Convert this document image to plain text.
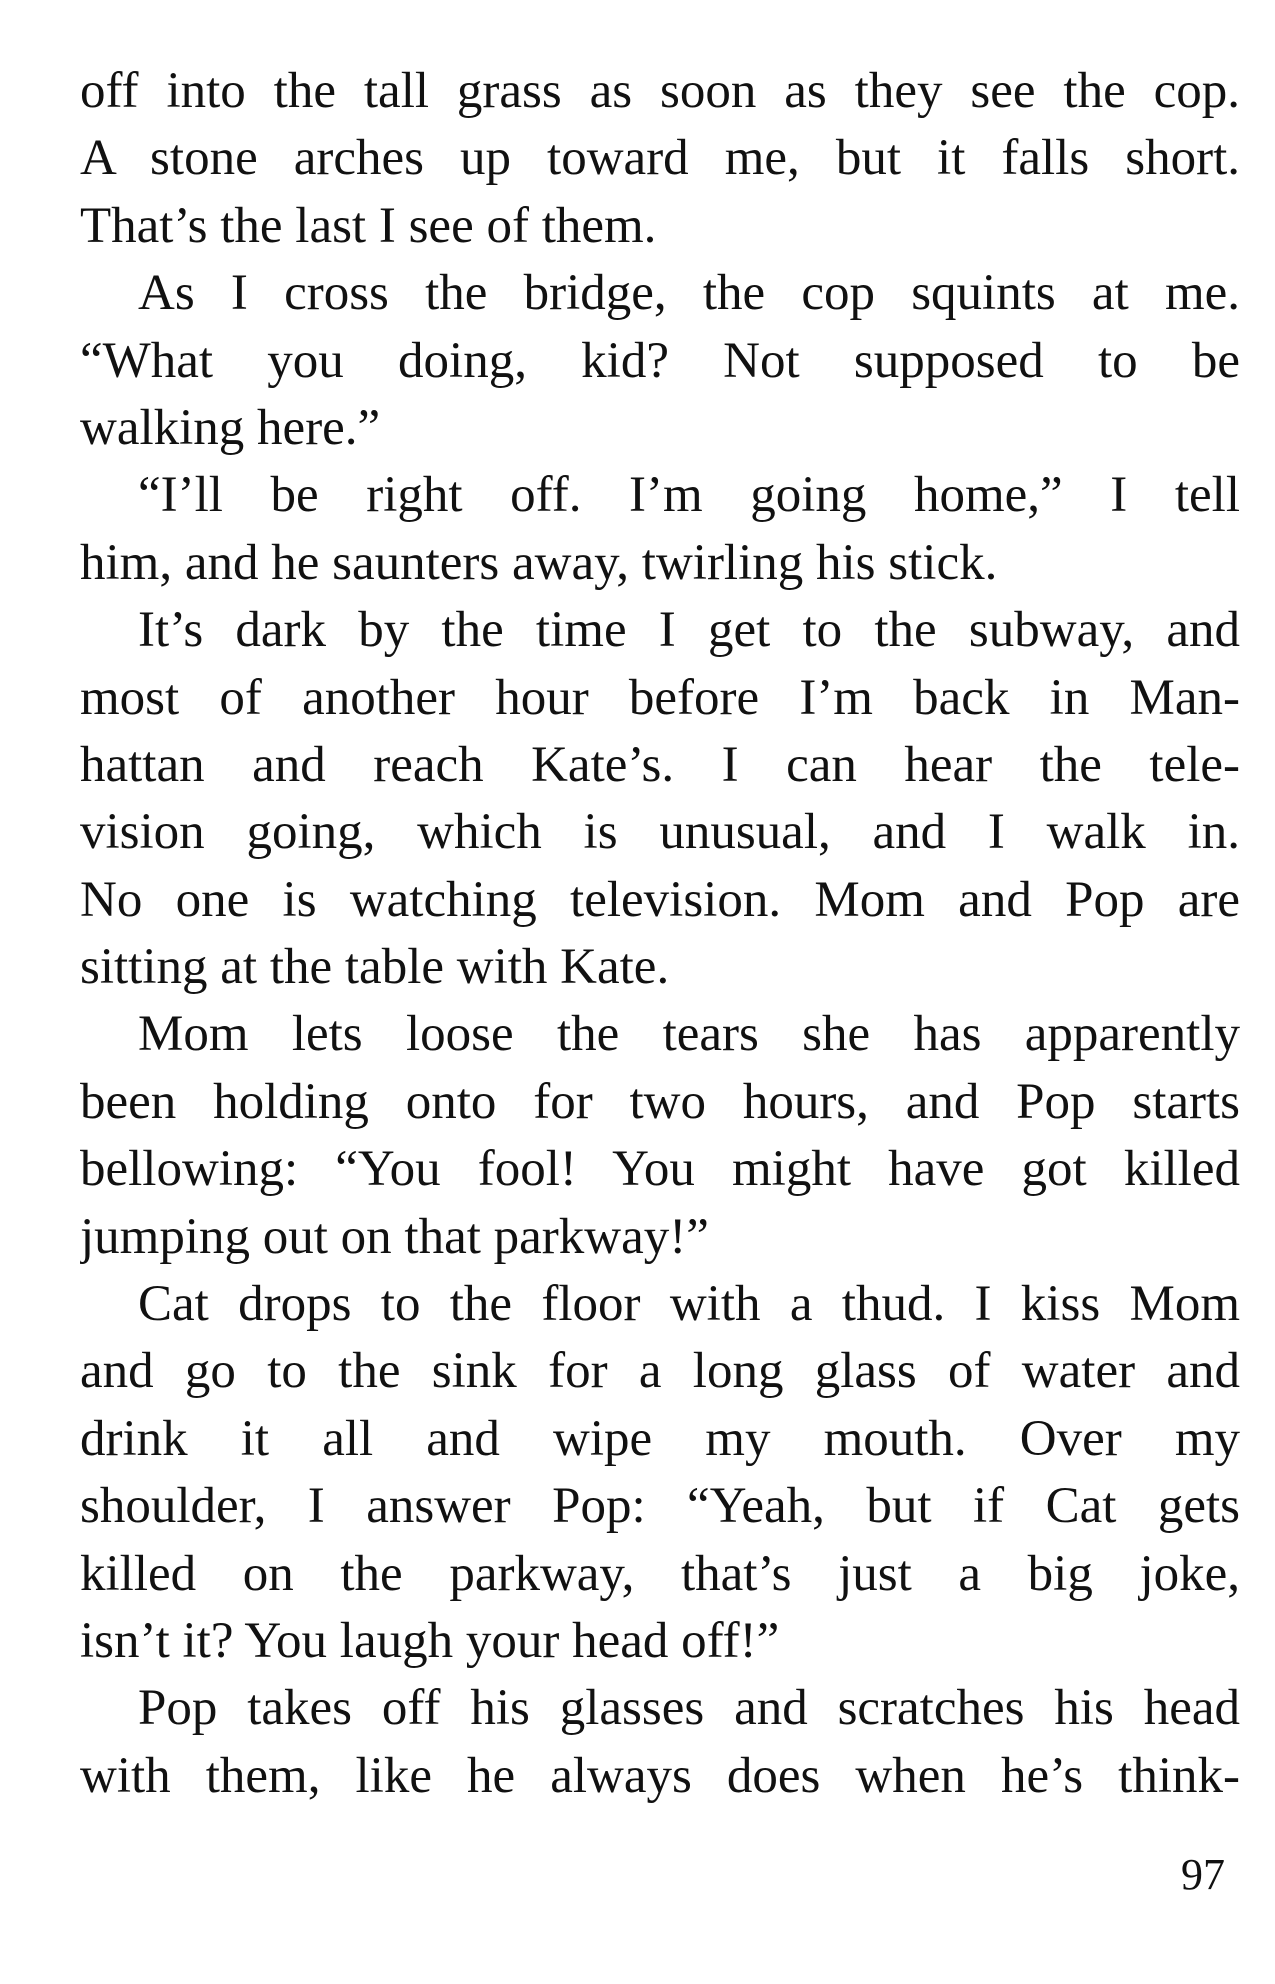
off into the tall grass as soon as they see the cop.
A stone arches up toward me, but it falls short.
That’s the last I see of them.
As I cross the bridge, the cop squints at me.
“What you doing, kid? Not supposed to be
walking here.”
“I’ll be right off. I’m going home,” I tell
him, and he saunters away, twirling his stick.
It’s dark by the time I get to the subway, and
most of another hour before I’m back in Man-
hattan and reach Kate’s. I can hear the tele-
vision going, which is unusual, and I walk in.
No one is watching television. Mom and Pop are
sitting at the table with Kate.
Mom lets loose the tears she has apparently
been holding onto for two hours, and Pop starts
bellowing: “You fool! You might have got killed
jumping out on that parkway!”
Cat drops to the floor with a thud. I kiss Mom
and go to the sink for a long glass of water and
drink it all and wipe my mouth. Over my
shoulder, I answer Pop: “Yeah, but if Cat gets
killed on the parkway, that’s just a big joke,
isn’t it? You laugh your head off!”
Pop takes off his glasses and scratches his head
with them, like he always does when he’s think-
97
